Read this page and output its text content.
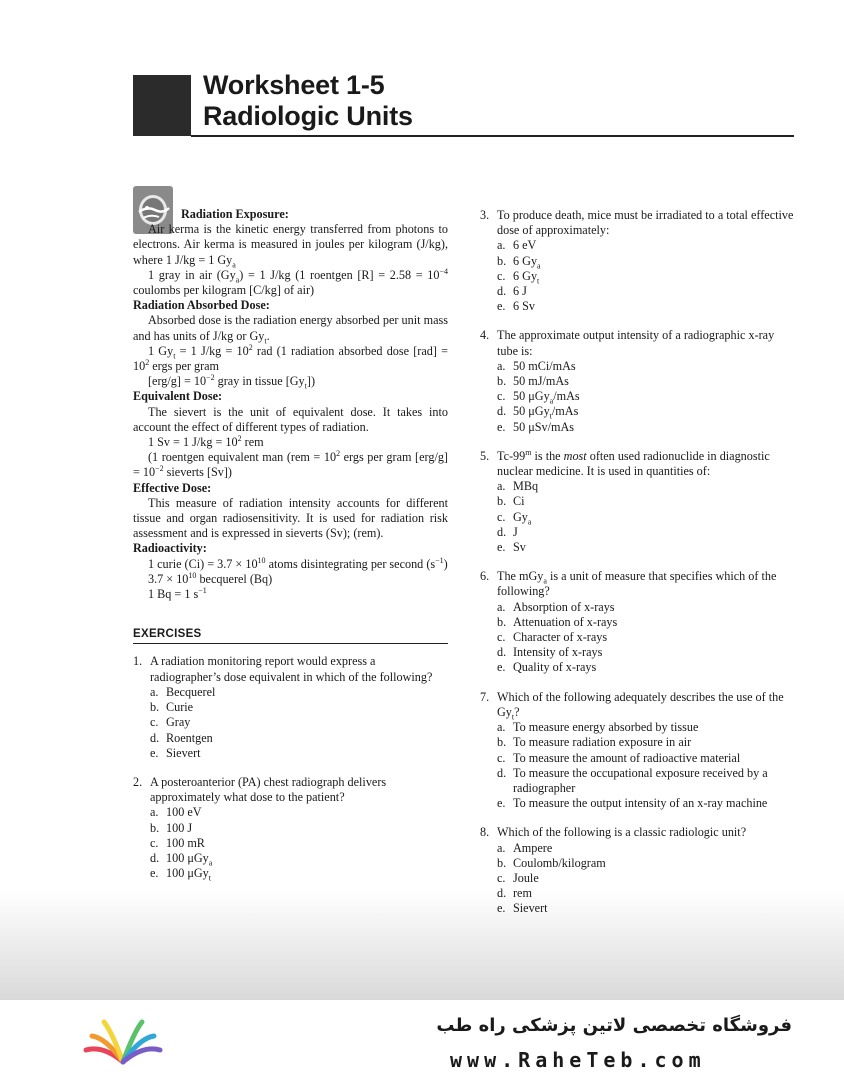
Worksheet 1-5
Radiologic Units

Radiation Exposure:

Air kerma is the kinetic energy transferred from photons to electrons. Air kerma is measured in joules per kilogram (J/kg), where 1 J/kg = 1 $Gy_a$

1 gray in air $(Gy_a) = 1$ J/kg (1 roentgen $[R] = 2.58 = 10^{-4}$ coulombs per kilogram [C/kg] of air)

Radiation Absorbed Dose:

Absorbed dose is the radiation energy absorbed per unit mass and has units of J/kg or $Gy_t$.

1 $Gy_t = 1$ $J/kg = 10^2$ rad (1 radiation absorbed dose $[rad] = 10^2$ ergs per gram

$[erg/g] = 10^{-2}$ gray in tissue $[Gy_t]$)

Equivalent Dose:

The sievert is the unit of equivalent dose. It takes into account the effect of different types of radiation.

1 Sv = 1 $J/kg = 10^2$ rem

(1 roentgen equivalent man ($rem = 10^2$ ergs per gram $[erg/g] = 10^{-2}$ sieverts [Sv])

Effective Dose:

This measure of radiation intensity accounts for different tissue and organ radiosensitivity. It is used for radiation risk assessment and is expressed in sieverts (Sv); (rem).

Radioactivity:

1 curie $(Ci) = 3.7 \times 10^{10}$ atoms disintegrating per second $(s^{-1})$

$3.7 \times 10^{10}$ becquerel (Bq)

1 Bq = 1 $s^{-1}$

EXERCISES
1. A radiation monitoring report would express a radiographer’s dose equivalent in which of the following?
a. Becquerel
b. Curie
c. Gray
d. Roentgen
e. Sievert
2. A posteroanterior (PA) chest radiograph delivers approximately what dose to the patient?
a. 100 eV
b. 100 J
c. 100 mR
d. 100 μGy$_a$
e. 100 μGy$_t$
3. To produce death, mice must be irradiated to a total effective dose of approximately:
a. 6 eV
b. 6 $Gy_a$
c. 6 $Gy_t$
d. 6 J
e. 6 Sv
4. The approximate output intensity of a radiographic x-ray tube is:
a. 50 mCi/mAs
b. 50 mJ/mAs
c. 50 μGy$_a$/mAs
d. 50 μGy$_t$/mAs
e. 50 μSv/mAs
5. Tc-99$^m$ is the most often used radionuclide in diagnostic nuclear medicine. It is used in quantities of:
a. MBq
b. Ci
c. $Gy_a$
d. J
e. Sv
6. The mGy$_a$ is a unit of measure that specifies which of the following?
a. Absorption of x-rays
b. Attenuation of x-rays
c. Character of x-rays
d. Intensity of x-rays
e. Quality of x-rays
7. Which of the following adequately describes the use of the $Gy_t$?
a. To measure energy absorbed by tissue
b. To measure radiation exposure in air
c. To measure the amount of radioactive material
d. To measure the occupational exposure received by a radiographer
e. To measure the output intensity of an x-ray machine
8. Which of the following is a classic radiologic unit?
a. Ampere
b. Coulomb/kilogram
c. Joule
d. rem
e. Sievert
فروشگاه تخصصی لاتین پزشکی راه طب
www.RaheTeb.com
